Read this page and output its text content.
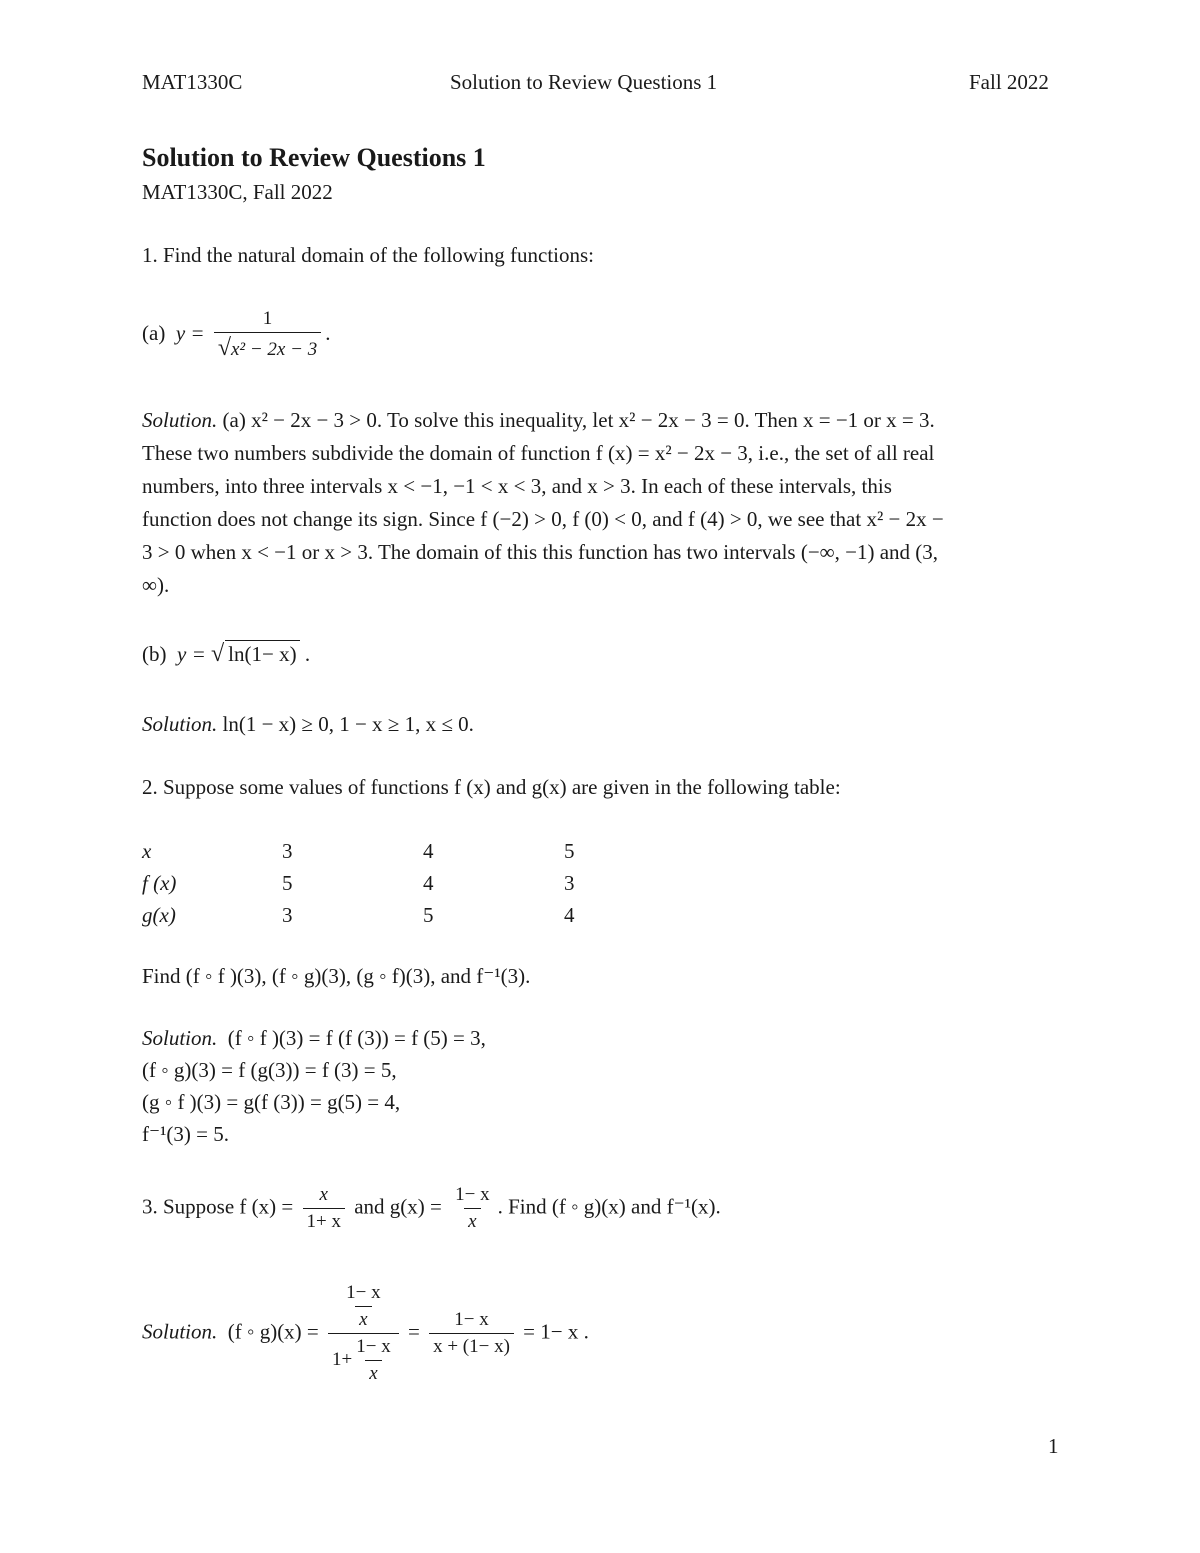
MAT1330C	Solution to Review Questions 1	Fall 2022
Solution to Review Questions 1
MAT1330C, Fall 2022
1. Find the natural domain of the following functions:
(a) $y = \frac{1}{\text{√x² − 2x − 3}}$ .
Solution. (a) x² − 2x − 3 > 0. To solve this inequality, let x² − 2x − 3 = 0. Then x = −1 or x = 3.
These two numbers subdivide the domain of function f (x) = x² − 2x − 3, i.e., the set of all real
numbers, into three intervals x < −1, −1 < x < 3, and x > 3. In each of these intervals, this
function does not change its sign. Since f (−2) > 0, f (0) < 0, and f (4) > 0, we see that x² − 2x −
3 > 0 when x < −1 or x > 3. The domain of this this function has two intervals (−∞, −1) and (3,
∞).
(b) y = √ ln(1− x) .
Solution. ln(1 − x) ≥ 0, 1 − x ≥ 1, x ≤ 0.
2. Suppose some values of functions f (x) and g(x) are given in the following table:
x	3	4	5
f (x)	5	4	3
g(x)	3	5	4
Find (f ◦ f )(3), (f ◦ g)(3), (g ◦ f)(3), and f⁻¹(3).
Solution. (f ◦ f )(3) = f (f (3)) = f (5) = 3,
(f ◦ g)(3) = f (g(3)) = f (3) = 5,
(g ◦ f )(3) = g(f (3)) = g(5) = 4,
f⁻¹(3) = 5.
3. Suppose f $(x) = \frac{x}{1+ x}$ and $g(x) = \frac{1- x}{x}$ . Find (f ◦ g)(x) and f⁻¹(x).
Solution. (f ◦ $g)(x) = \frac{\frac{1- x}{x}}{1+ \frac{1- x}{x}} = \frac{1- x}{x + (1- x)} = 1- x$ .
1
